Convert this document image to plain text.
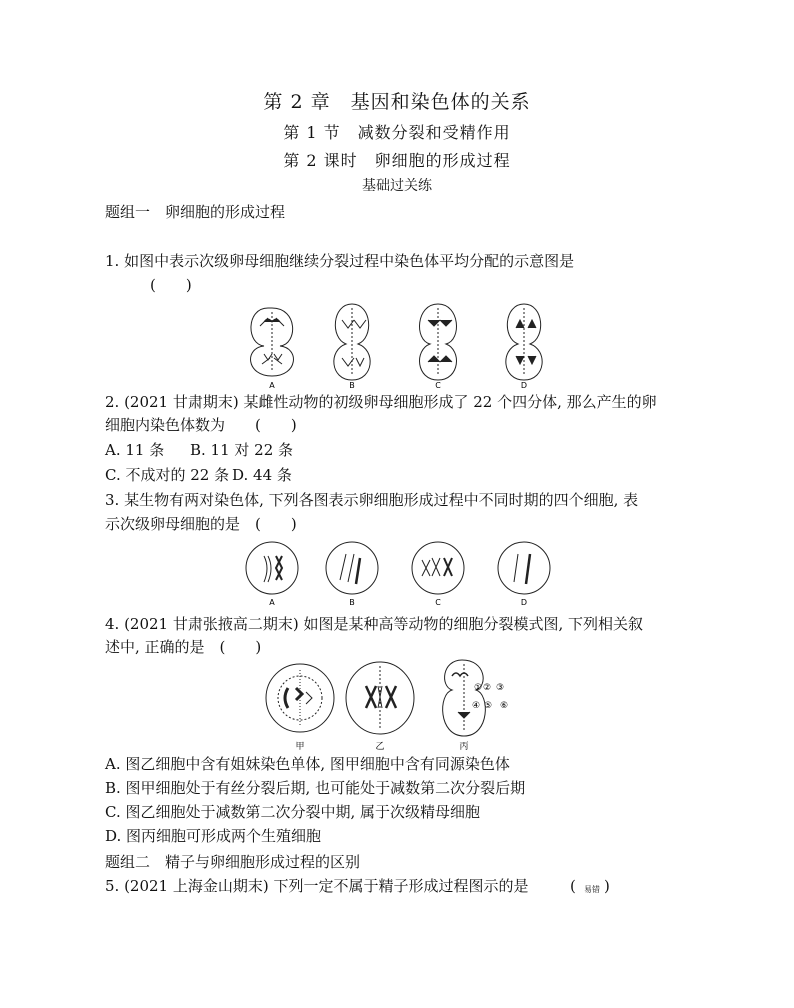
第 2 章　基因和染色体的关系
第 1 节　减数分裂和受精作用
第 2 课时　卵细胞的形成过程
基础过关练
题组一　卵细胞的形成过程
1. 如图中表示次级卵母细胞继续分裂过程中染色体平均分配的示意图是
(　　)
A	B	C	D
2. (2021 甘肃期末) 某雌性动物的初级卵母细胞形成了 22 个四分体, 那么产生的卵
细胞内染色体数为　　(　　)
A. 11 条 B. 11 对 22 条
C. 不成对的 22 条 D. 44 条
3. 某生物有两对染色体, 下列各图表示卵细胞形成过程中不同时期的四个细胞, 表
示次级卵母细胞的是　(　　)
A	B	C	D
4. (2021 甘肃张掖高二期末) 如图是某种高等动物的细胞分裂模式图, 下列相关叙
述中, 正确的是　(　　)
① ② ③
④ ⑤ ⑥
甲	乙	丙
A. 图乙细胞中含有姐妹染色单体, 图甲细胞中含有同源染色体
B. 图甲细胞处于有丝分裂后期, 也可能处于减数第二次分裂后期
C. 图乙细胞处于减数第二次分裂中期, 属于次级精母细胞
D. 图丙细胞可形成两个生殖细胞
题组二　精子与卵细胞形成过程的区别
5. (2021 上海金山期末) 下列一定不属于精子形成过程图示的是	( 易错 )
